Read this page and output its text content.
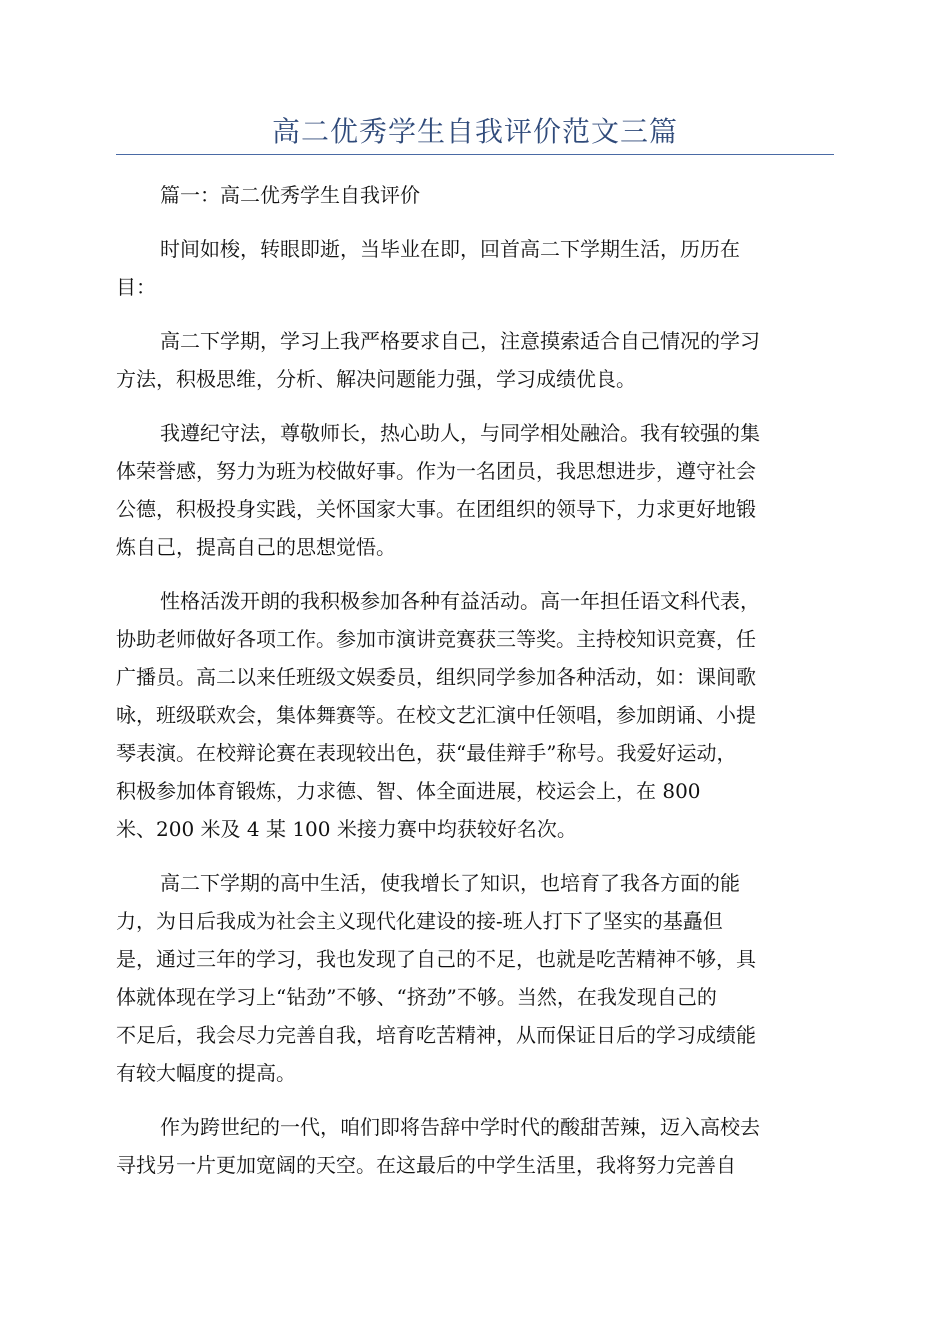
高二优秀学生自我评价范文三篇

篇一：高二优秀学生自我评价

时间如梭，转眼即逝，当毕业在即，回首高二下学期生活，历历在
目：

高二下学期，学习上我严格要求自己，注意摸索适合自己情况的学习
方法，积极思维，分析、解决问题能力强，学习成绩优良。

我遵纪守法，尊敬师长，热心助人，与同学相处融洽。我有较强的集
体荣誉感，努力为班为校做好事。作为一名团员，我思想进步，遵守社会
公德，积极投身实践，关怀国家大事。在团组织的领导下，力求更好地锻
炼自己，提高自己的思想觉悟。

性格活泼开朗的我积极参加各种有益活动。高一年担任语文科代表，
协助老师做好各项工作。参加市演讲竞赛获三等奖。主持校知识竞赛，任
广播员。高二以来任班级文娱委员，组织同学参加各种活动，如：课间歌
咏，班级联欢会，集体舞赛等。在校文艺汇演中任领唱，参加朗诵、小提
琴表演。在校辩论赛在表现较出色，获“最佳辩手”称号。我爱好运动，
积极参加体育锻炼，力求德、智、体全面进展，校运会上，在 800
米、200 米及 4 某 100 米接力赛中均获较好名次。

高二下学期的高中生活，使我增长了知识，也培育了我各方面的能
力，为日后我成为社会主义现代化建设的接-班人打下了坚实的基矗但
是，通过三年的学习，我也发现了自己的不足，也就是吃苦精神不够，具
体就体现在学习上“钻劲”不够、“挤劲”不够。当然，在我发现自己的
不足后，我会尽力完善自我，培育吃苦精神，从而保证日后的学习成绩能
有较大幅度的提高。

作为跨世纪的一代，咱们即将告辞中学时代的酸甜苦辣，迈入高校去
寻找另一片更加宽阔的天空。在这最后的中学生活里，我将努力完善自
